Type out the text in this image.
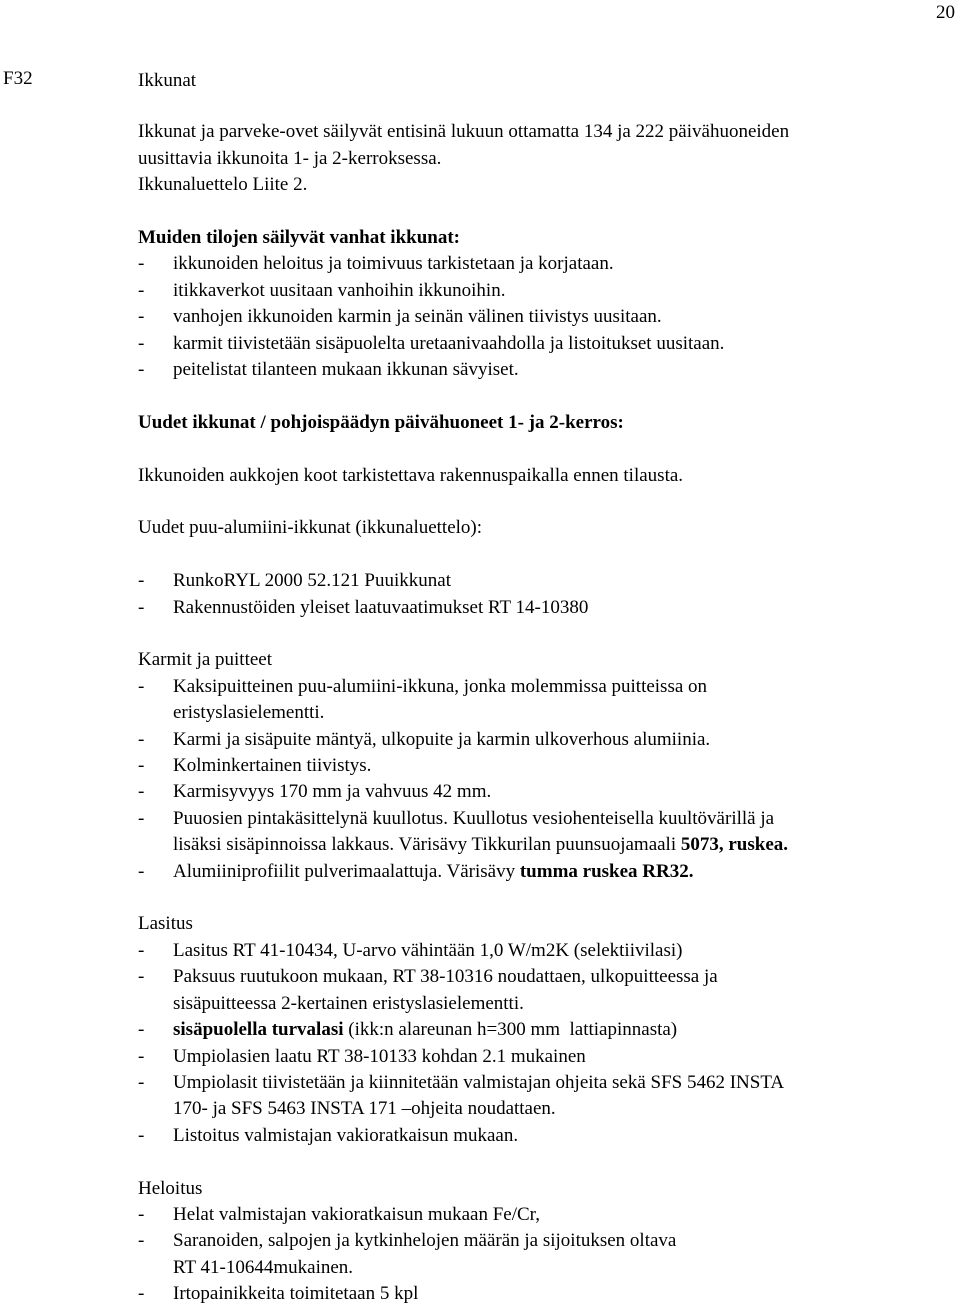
20
F32	Ikkunat
Ikkunat ja parveke-ovet säilyvät entisinä lukuun ottamatta 134 ja 222 päivähuoneiden
uusittavia ikkunoita 1- ja 2-kerroksessa.
Ikkunaluettelo Liite 2.
Muiden tilojen säilyvät vanhat ikkunat:
-	ikkunoiden heloitus ja toimivuus tarkistetaan ja korjataan.
-	itikkaverkot uusitaan vanhoihin ikkunoihin.
-	vanhojen ikkunoiden karmin ja seinän välinen tiivistys uusitaan.
-	karmit tiivistetään sisäpuolelta uretaanivaahdolla ja listoitukset uusitaan.
-	peitelistat tilanteen mukaan ikkunan sävyiset.
Uudet ikkunat / pohjoispäädyn päivähuoneet 1- ja 2-kerros:
Ikkunoiden aukkojen koot tarkistettava rakennuspaikalla ennen tilausta.
Uudet puu-alumiini-ikkunat (ikkunaluettelo):
-	RunkoRYL 2000 52.121 Puuikkunat
-	Rakennustöiden yleiset laatuvaatimukset RT 14-10380
Karmit ja puitteet
-	Kaksipuitteinen puu-alumiini-ikkuna, jonka molemmissa puitteissa on
eristyslasielementti.
-	Karmi ja sisäpuite mäntyä, ulkopuite ja karmin ulkoverhous alumiinia.
-	Kolminkertainen tiivistys.
-	Karmisyvyys 170 mm ja vahvuus 42 mm.
-	Puuosien pintakäsittelynä kuullotus. Kuullotus vesiohenteisella kuultövärillä ja
lisäksi sisäpinnoissa lakkaus. Värisävy Tikkurilan puunsuojamaali 5073, ruskea.
-	Alumiiniprofiilit pulverimaalattuja. Värisävy tumma ruskea RR32.
Lasitus
-	Lasitus RT 41-10434, U-arvo vähintään 1,0 W/m2K (selektiivilasi)
-	Paksuus ruutukoon mukaan, RT 38-10316 noudattaen, ulkopuitteessa ja
sisäpuitteessa 2-kertainen eristyslasielementti.
-	sisäpuolella turvalasi (ikk:n alareunan h=300 mm  lattiapinnasta)
-	Umpiolasien laatu RT 38-10133 kohdan 2.1 mukainen
-	Umpiolasit tiivistetään ja kiinnitetään valmistajan ohjeita sekä SFS 5462 INSTA
170- ja SFS 5463 INSTA 171 –ohjeita noudattaen.
-	Listoitus valmistajan vakioratkaisun mukaan.
Heloitus
-	Helat valmistajan vakioratkaisun mukaan Fe/Cr,
-	Saranoiden, salpojen ja kytkinhelojen määrän ja sijoituksen oltava
RT 41-10644mukainen.
-	Irtopainikkeita toimitetaan 5 kpl
